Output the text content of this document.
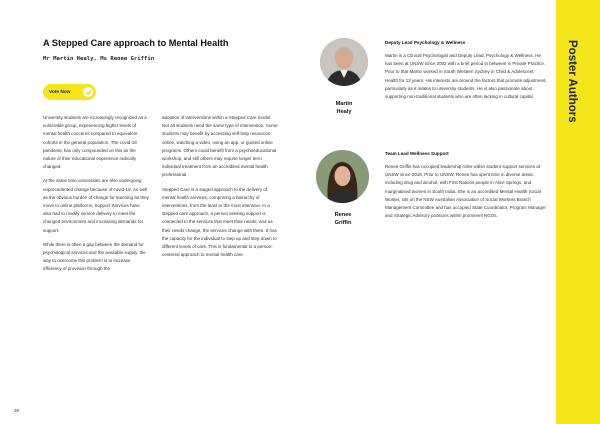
A Stepped Care approach to Mental Health
Mr Martin Healy, Ms Renee Griffin
Vote Now

University students are increasingly recognized as a vulnerable group, experiencing higher levels of mental health concerns compared to equivalent cohorts in the general population. The covid-19 pandemic has only compounded on this as the nature of their educational experience radically changed.

At the same time universities are also undergoing unprecedented change because of covid-19. As well as the obvious burden of change for teaching as they move to online platforms, Support Services have also had to modify service delivery to meet the changed environment and increasing demands for support.

While there is often a gap between the demand for psychological services and the available supply, the way to overcome this problem is to increase efficiency of provision through the

adoption of interventions within a Stepped Care model. Not all students need the same type of intervention. Some students may benefit by accessing self-help resources online, watching a video, using an app, or guided online programs. Others could benefit from a psychoeducational workshop, and still others may require longer term individual treatment from an accredited mental health professional.

Stepped Care is a staged approach to the delivery of mental health services, comprising a hierarchy of interventions, from the least to the most intensive. In a stepped care approach, a person seeking support is connected to the services that meet their needs, and as their needs change, the services change with them. It has the capacity for the individual to step up and step down to different levels of care. This is fundamental to a person-centered approach to mental health care.

Martin
Healy
Renee
Griffin
Deputy Lead Psychology & Wellness
Martin is a Clinical Psychologist and Deputy Lead, Psychology & Wellness. He has been at UNSW since 2002 with a brief period in between in Private Practice. Prior to that Martin worked in South Western Sydney in Child & Adolescent Health for 13 years. His interests are around the factors that promote adjustment, particularly as it relates to university students. He is also passionate about supporting non-traditional students who are often lacking in cultural capital.
Team Lead Wellness Support
Renee Griffin has occupied leadership roles within student support services at UNSW since 2018. Prior to UNSW, Renee has spent time in diverse areas, including drug and alcohol, with First Nations people in Alice Springs, and marginalised women in South India. She is an accredited Mental Health Social Worker, sits on the NSW Australian Association of Social Workers Branch Management Committee and has occupied State Coordinator, Program Manager and Strategic Advisory positions within prominent NGOs.
39
Poster Authors
